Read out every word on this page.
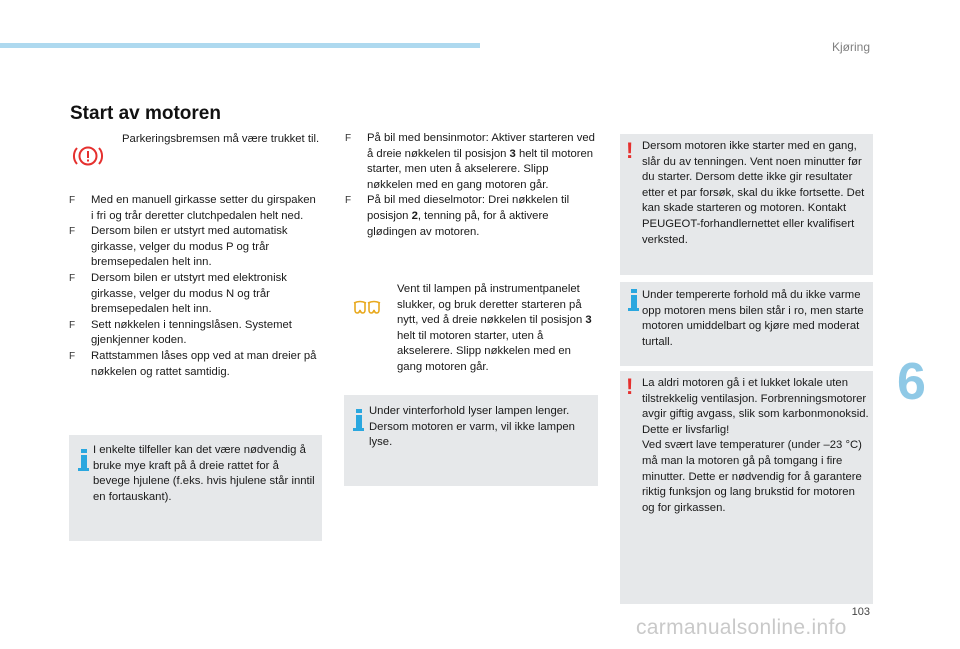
Kjøring
Start av motoren
Parkeringsbremsen må være trukket til.
F Med en manuell girkasse setter du girspaken i fri og trår deretter clutchpedalen helt ned.
F Dersom bilen er utstyrt med automatisk girkasse, velger du modus P og trår bremsepedalen helt inn.
F Dersom bilen er utstyrt med elektronisk girkasse, velger du modus N og trår bremsepedalen helt inn.
F Sett nøkkelen i tenningslåsen. Systemet gjenkjenner koden.
F Rattstammen låses opp ved at man dreier på nøkkelen og rattet samtidig.
I enkelte tilfeller kan det være nødvendig å bruke mye kraft på å dreie rattet for å bevege hjulene (f.eks. hvis hjulene står inntil en fortauskant).
F På bil med bensinmotor: Aktiver starteren ved å dreie nøkkelen til posisjon 3 helt til motoren starter, men uten å akselerere. Slipp nøkkelen med en gang motoren går.
F På bil med dieselmotor: Drei nøkkelen til posisjon 2, tenning på, for å aktivere glødingen av motoren.
Vent til lampen på instrumentpanelet slukker, og bruk deretter starteren på nytt, ved å dreie nøkkelen til posisjon 3 helt til motoren starter, uten å akselerere. Slipp nøkkelen med en gang motoren går.
Under vinterforhold lyser lampen lenger. Dersom motoren er varm, vil ikke lampen lyse.
! Dersom motoren ikke starter med en gang, slår du av tenningen. Vent noen minutter før du starter. Dersom dette ikke gir resultater etter et par forsøk, skal du ikke fortsette. Det kan skade starteren og motoren. Kontakt PEUGEOT-forhandlernettet eller kvalifisert verksted.
Under tempererte forhold må du ikke varme opp motoren mens bilen står i ro, men starte motoren umiddelbart og kjøre med moderat turtall.
! La aldri motoren gå i et lukket lokale uten tilstrekkelig ventilasjon. Forbrenningsmotorer avgir giftig avgass, slik som karbonmonoksid. Dette er livsfarlig!
Ved svært lave temperaturer (under –23 °C) må man la motoren gå på tomgang i fire minutter. Dette er nødvendig for å garantere riktig funksjon og lang brukstid for motoren og for girkassen.
6
103
carmanualsonline.info
